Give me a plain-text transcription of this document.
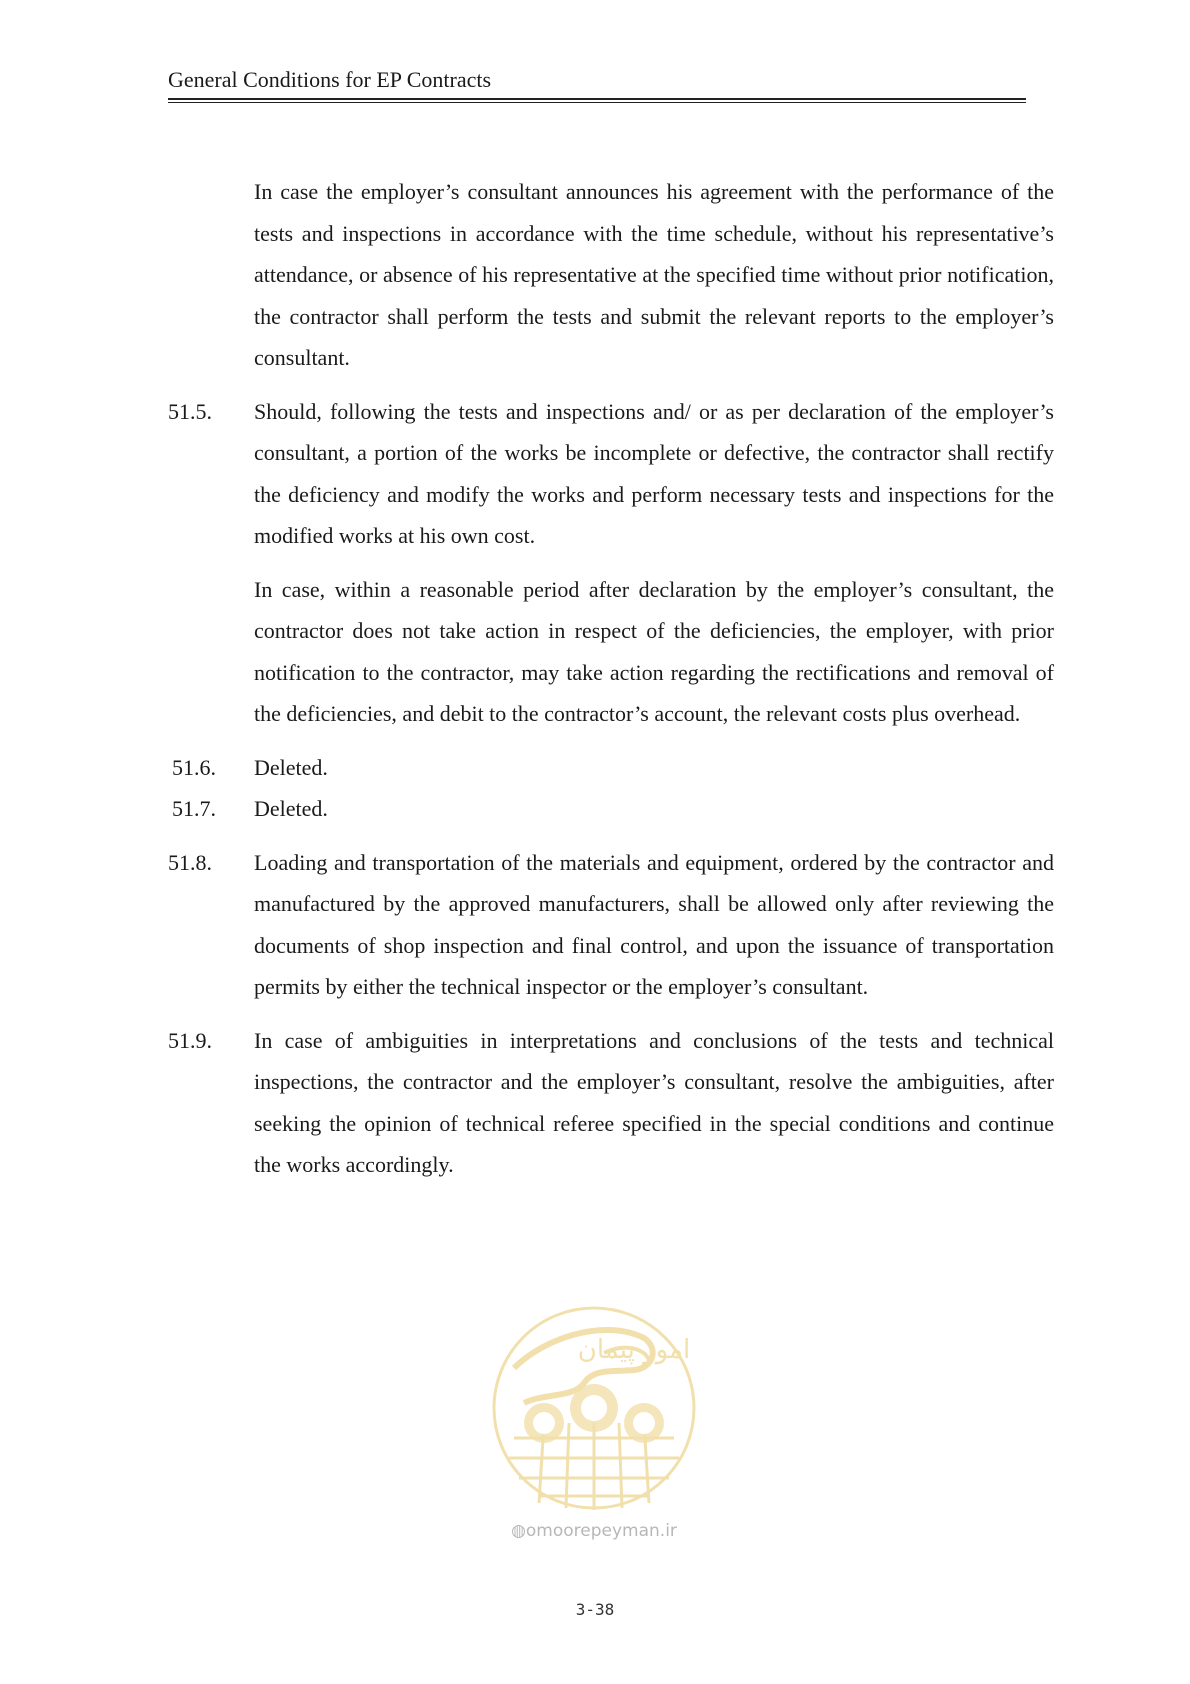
General Conditions for EP Contracts
In case the employer’s consultant announces his agreement with the performance of the tests and inspections in accordance with the time schedule, without his representative’s attendance, or absence of his representative at the specified time without prior notification, the contractor shall perform the tests and submit the relevant reports to the employer’s consultant.
51.5.	Should, following the tests and inspections and/ or as per declaration of the employer’s consultant, a portion of the works be incomplete or defective, the contractor shall rectify the deficiency and modify the works and perform necessary tests and inspections for the modified works at his own cost.
In case, within a reasonable period after declaration by the employer’s consultant, the contractor does not take action in respect of the deficiencies, the employer, with prior notification to the contractor, may take action regarding the rectifications and removal of the deficiencies, and debit to the contractor’s account, the relevant costs plus overhead.
51.6.	Deleted.
51.7.	Deleted.
51.8.	Loading and transportation of the materials and equipment, ordered by the contractor and manufactured by the approved manufacturers, shall be allowed only after reviewing the documents of shop inspection and final control, and upon the issuance of transportation permits by either the technical inspector or the employer’s consultant.
51.9.	In case of ambiguities in interpretations and conclusions of the tests and technical inspections, the contractor and the employer’s consultant, resolve the ambiguities, after seeking the opinion of technical referee specified in the special conditions and continue the works accordingly.
امور پیمان
◍omoorepeyman.ir
3-38
